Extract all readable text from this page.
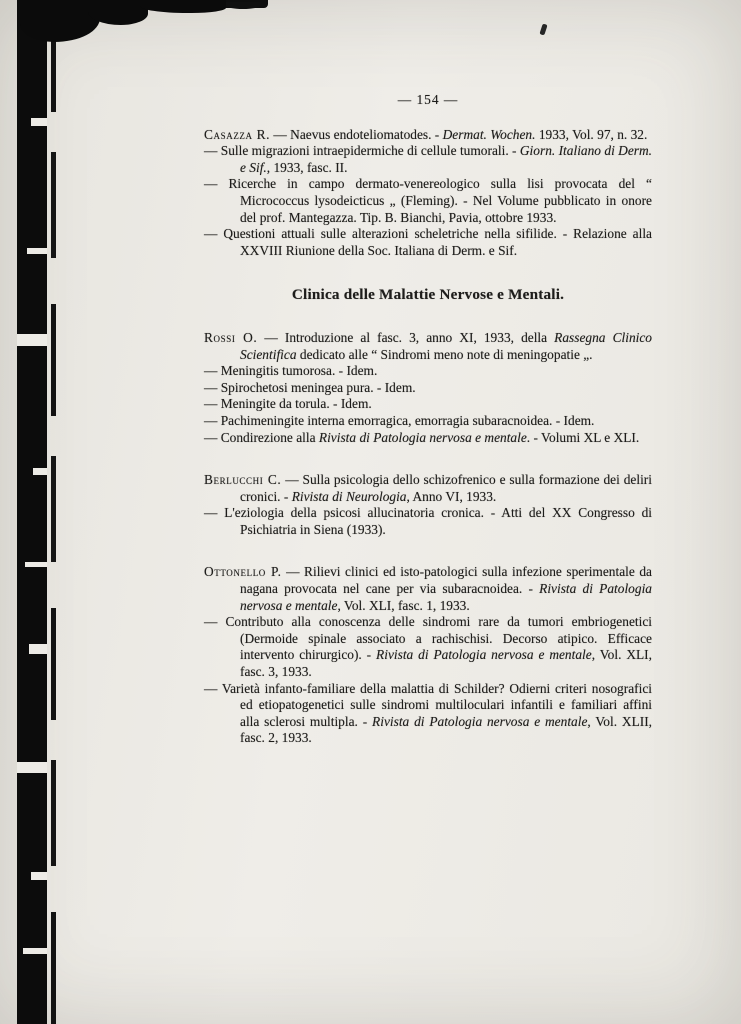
— 154 —

Casazza R. — Naevus endoteliomatodes. - Dermat. Wochen. 1933, Vol. 97, n. 32.

— Sulle migrazioni intraepidermiche di cellule tumorali. - Giorn. Italiano di Derm. e Sif., 1933, fasc. II.

— Ricerche in campo dermato-venereologico sulla lisi provocata del “ Micrococcus lysodeicticus „ (Fleming). - Nel Volume pubblicato in onore del prof. Mantegazza. Tip. B. Bianchi, Pavia, ottobre 1933.

— Questioni attuali sulle alterazioni scheletriche nella sifilide. - Relazione alla XXVIII Riunione della Soc. Italiana di Derm. e Sif.

Clinica delle Malattie Nervose e Mentali.

Rossi O. — Introduzione al fasc. 3, anno XI, 1933, della Rassegna Clinico Scientifica dedicato alle “ Sindromi meno note di meningopatie „.

— Meningitis tumorosa. - Idem.

— Spirochetosi meningea pura. - Idem.

— Meningite da torula. - Idem.

— Pachimeningite interna emorragica, emorragia subaracnoidea. - Idem.

— Condirezione alla Rivista di Patologia nervosa e mentale. - Volumi XL e XLI.

Berlucchi C. — Sulla psicologia dello schizofrenico e sulla formazione dei deliri cronici. - Rivista di Neurologia, Anno VI, 1933.

— L'eziologia della psicosi allucinatoria cronica. - Atti del XX Congresso di Psichiatria in Siena (1933).

Ottonello P. — Rilievi clinici ed isto-patologici sulla infezione sperimentale da nagana provocata nel cane per via subaracnoidea. - Rivista di Patologia nervosa e mentale, Vol. XLI, fasc. 1, 1933.

— Contributo alla conoscenza delle sindromi rare da tumori embriogenetici (Dermoide spinale associato a rachischisi. Decorso atipico. Efficace intervento chirurgico). - Rivista di Patologia nervosa e mentale, Vol. XLI, fasc. 3, 1933.

— Varietà infanto-familiare della malattia di Schilder? Odierni criteri nosografici ed etiopatogenetici sulle sindromi multiloculari infantili e familiari affini alla sclerosi multipla. - Rivista di Patologia nervosa e mentale, Vol. XLII, fasc. 2, 1933.
